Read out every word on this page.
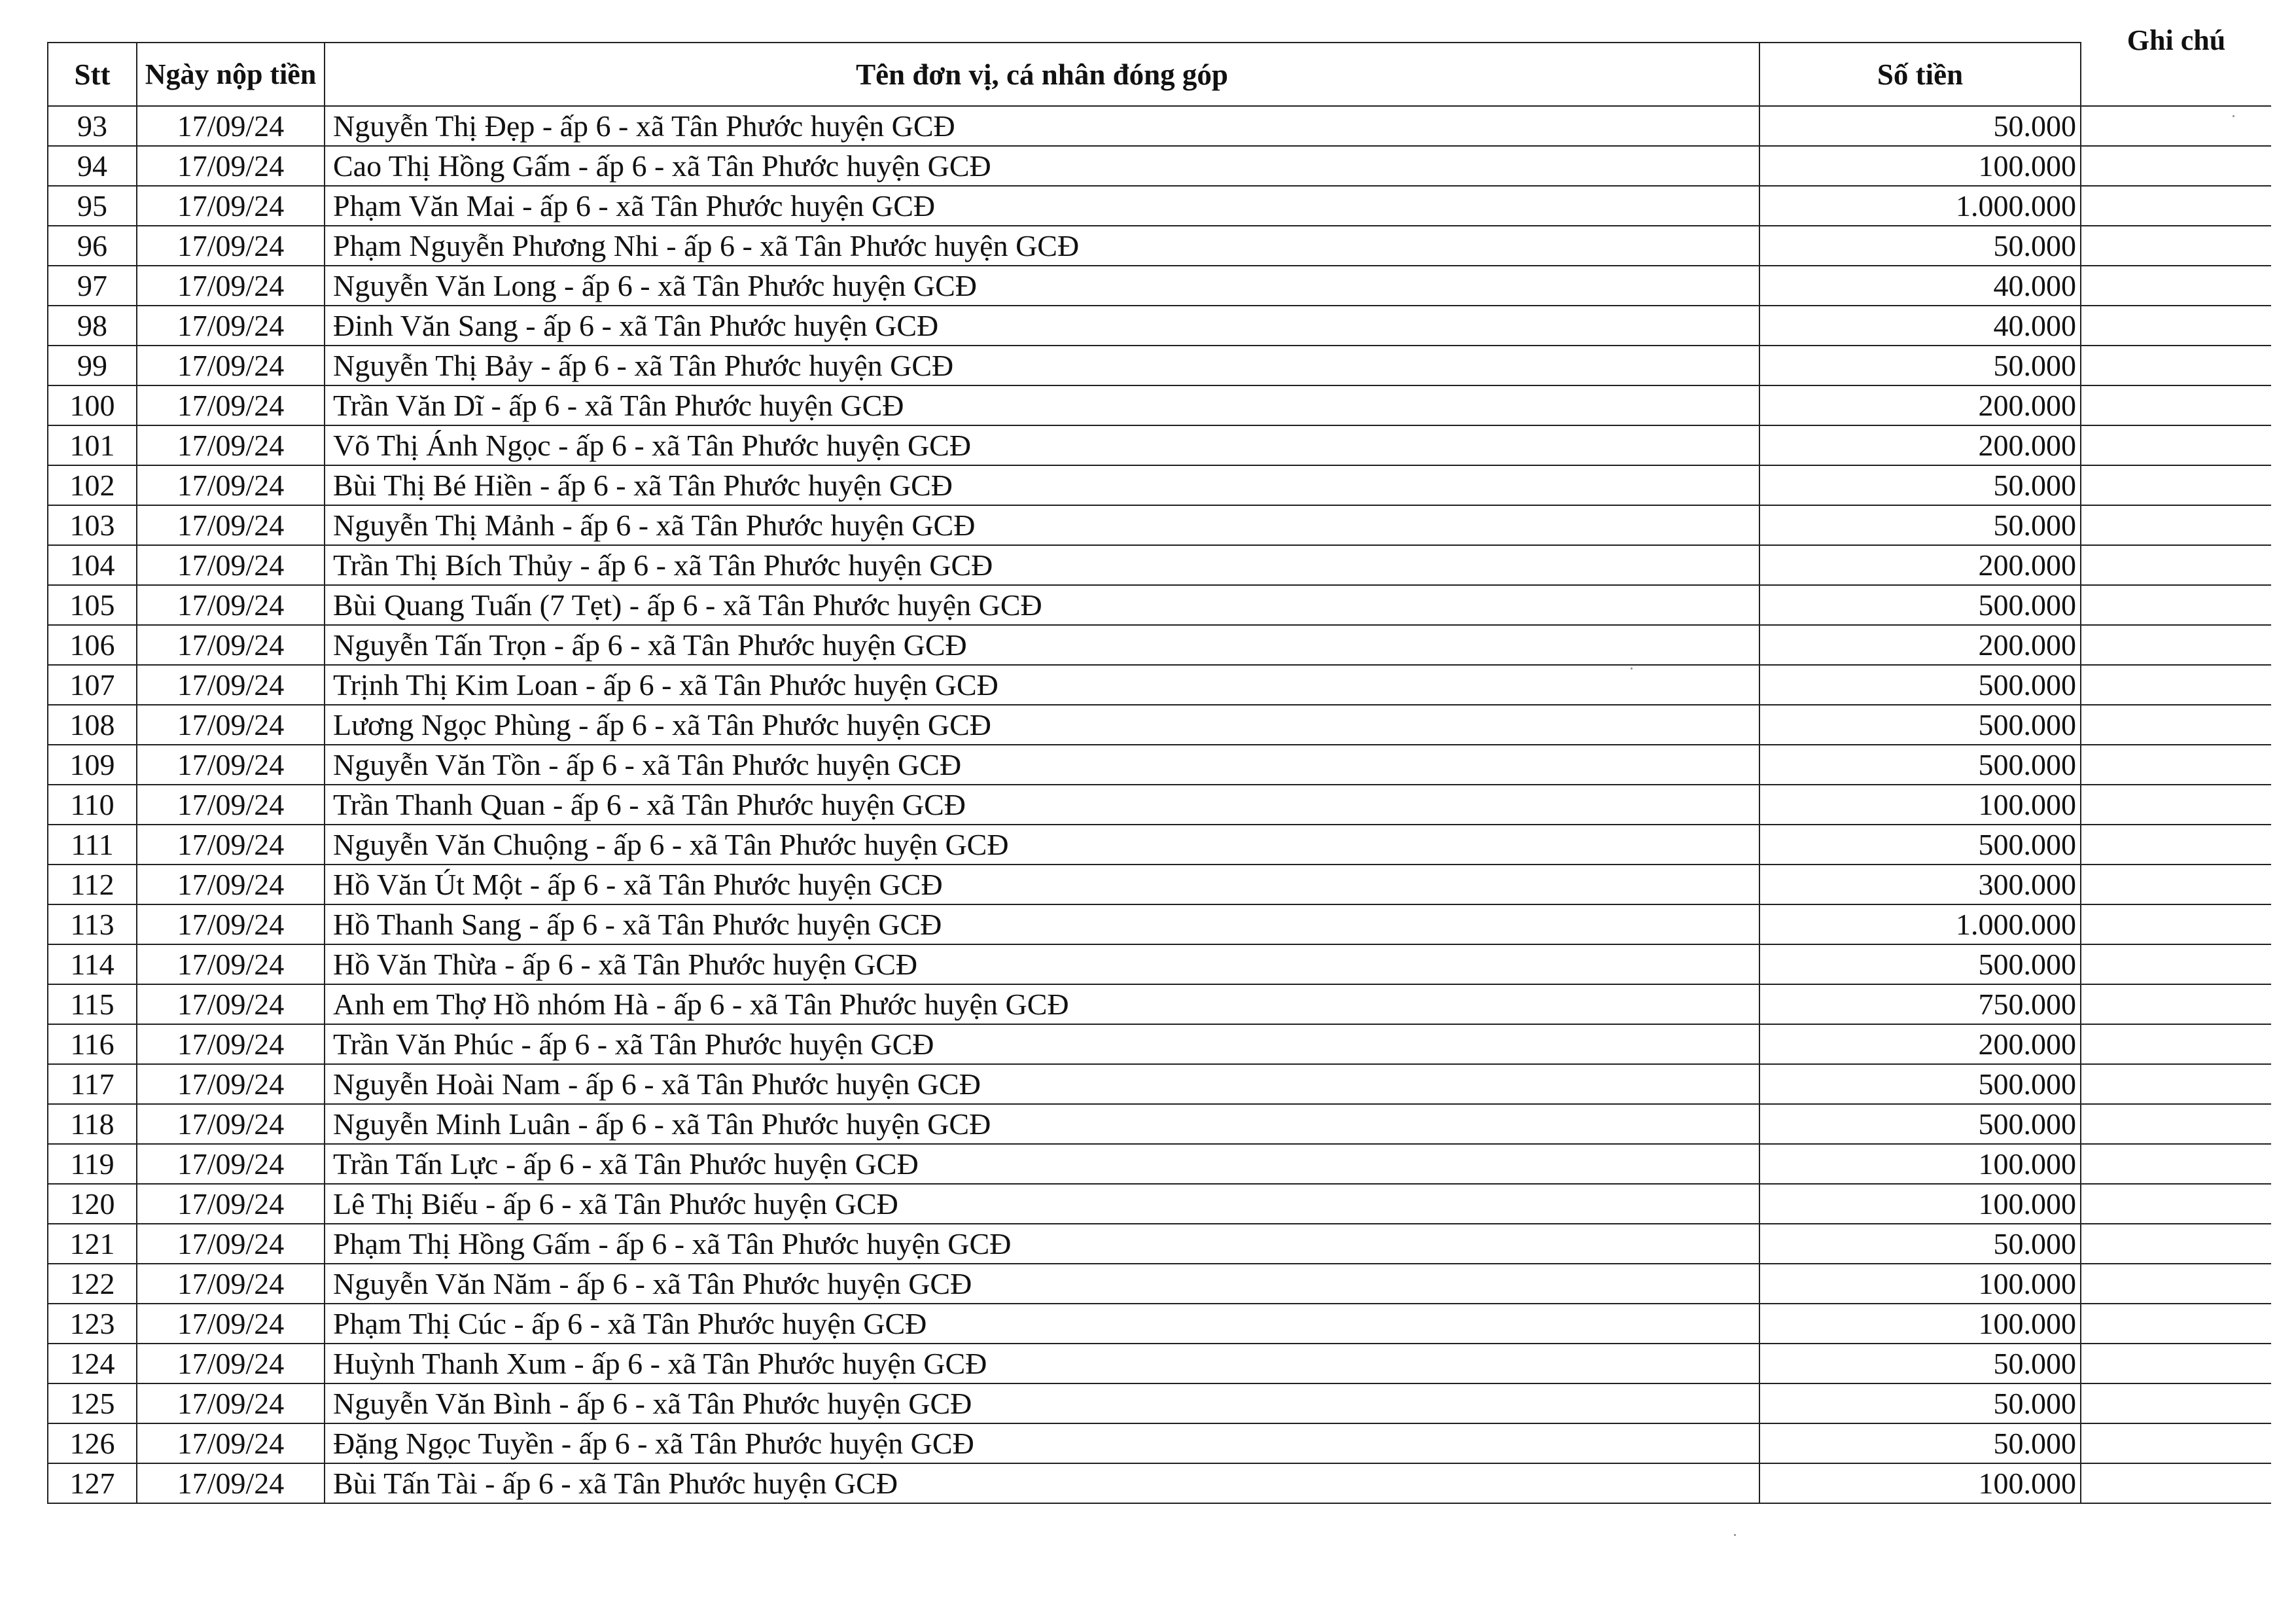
Stt	Ngày nộp tiền	Tên đơn vị, cá nhân đóng góp	Số tiền	Ghi chú

93	17/09/24	Nguyễn Thị Đẹp - ấp 6 - xã Tân Phước huyện GCĐ	50.000	
94	17/09/24	Cao Thị Hồng Gấm - ấp 6 - xã Tân Phước huyện GCĐ	100.000	
95	17/09/24	Phạm Văn Mai - ấp 6 - xã Tân Phước huyện GCĐ	1.000.000	
96	17/09/24	Phạm Nguyễn Phương Nhi - ấp 6 - xã Tân Phước huyện GCĐ	50.000	
97	17/09/24	Nguyễn Văn Long - ấp 6 - xã Tân Phước huyện GCĐ	40.000	
98	17/09/24	Đinh Văn Sang - ấp 6 - xã Tân Phước huyện GCĐ	40.000	
99	17/09/24	Nguyễn Thị Bảy - ấp 6 - xã Tân Phước huyện GCĐ	50.000	
100	17/09/24	Trần Văn Dĩ - ấp 6 - xã Tân Phước huyện GCĐ	200.000	
101	17/09/24	Võ Thị Ánh Ngọc - ấp 6 - xã Tân Phước huyện GCĐ	200.000	
102	17/09/24	Bùi Thị Bé Hiền - ấp 6 - xã Tân Phước huyện GCĐ	50.000	
103	17/09/24	Nguyễn Thị Mảnh - ấp 6 - xã Tân Phước huyện GCĐ	50.000	
104	17/09/24	Trần Thị Bích Thủy - ấp 6 - xã Tân Phước huyện GCĐ	200.000	
105	17/09/24	Bùi Quang Tuấn (7 Tẹt) - ấp 6 - xã Tân Phước huyện GCĐ	500.000	
106	17/09/24	Nguyễn Tấn Trọn - ấp 6 - xã Tân Phước huyện GCĐ	200.000	
107	17/09/24	Trịnh Thị Kim Loan - ấp 6 - xã Tân Phước huyện GCĐ	500.000	
108	17/09/24	Lương Ngọc Phùng - ấp 6 - xã Tân Phước huyện GCĐ	500.000	
109	17/09/24	Nguyễn Văn Tồn - ấp 6 - xã Tân Phước huyện GCĐ	500.000	
110	17/09/24	Trần Thanh Quan - ấp 6 - xã Tân Phước huyện GCĐ	100.000	
111	17/09/24	Nguyễn Văn Chuộng - ấp 6 - xã Tân Phước huyện GCĐ	500.000	
112	17/09/24	Hồ Văn Út Một - ấp 6 - xã Tân Phước huyện GCĐ	300.000	
113	17/09/24	Hồ Thanh Sang - ấp 6 - xã Tân Phước huyện GCĐ	1.000.000	
114	17/09/24	Hồ Văn Thừa - ấp 6 - xã Tân Phước huyện GCĐ	500.000	
115	17/09/24	Anh em Thợ Hồ nhóm Hà - ấp 6 - xã Tân Phước huyện GCĐ	750.000	
116	17/09/24	Trần Văn Phúc - ấp 6 - xã Tân Phước huyện GCĐ	200.000	
117	17/09/24	Nguyễn Hoài Nam - ấp 6 - xã Tân Phước huyện GCĐ	500.000	
118	17/09/24	Nguyễn Minh Luân - ấp 6 - xã Tân Phước huyện GCĐ	500.000	
119	17/09/24	Trần Tấn Lực - ấp 6 - xã Tân Phước huyện GCĐ	100.000	
120	17/09/24	Lê Thị Biếu - ấp 6 - xã Tân Phước huyện GCĐ	100.000	
121	17/09/24	Phạm Thị Hồng Gấm - ấp 6 - xã Tân Phước huyện GCĐ	50.000	
122	17/09/24	Nguyễn Văn Năm - ấp 6 - xã Tân Phước huyện GCĐ	100.000	
123	17/09/24	Phạm Thị Cúc - ấp 6 - xã Tân Phước huyện GCĐ	100.000	
124	17/09/24	Huỳnh Thanh Xum - ấp 6 - xã Tân Phước huyện GCĐ	50.000	
125	17/09/24	Nguyễn Văn Bình - ấp 6 - xã Tân Phước huyện GCĐ	50.000	
126	17/09/24	Đặng Ngọc Tuyền - ấp 6 - xã Tân Phước huyện GCĐ	50.000	
127	17/09/24	Bùi Tấn Tài - ấp 6 - xã Tân Phước huyện GCĐ	100.000	
